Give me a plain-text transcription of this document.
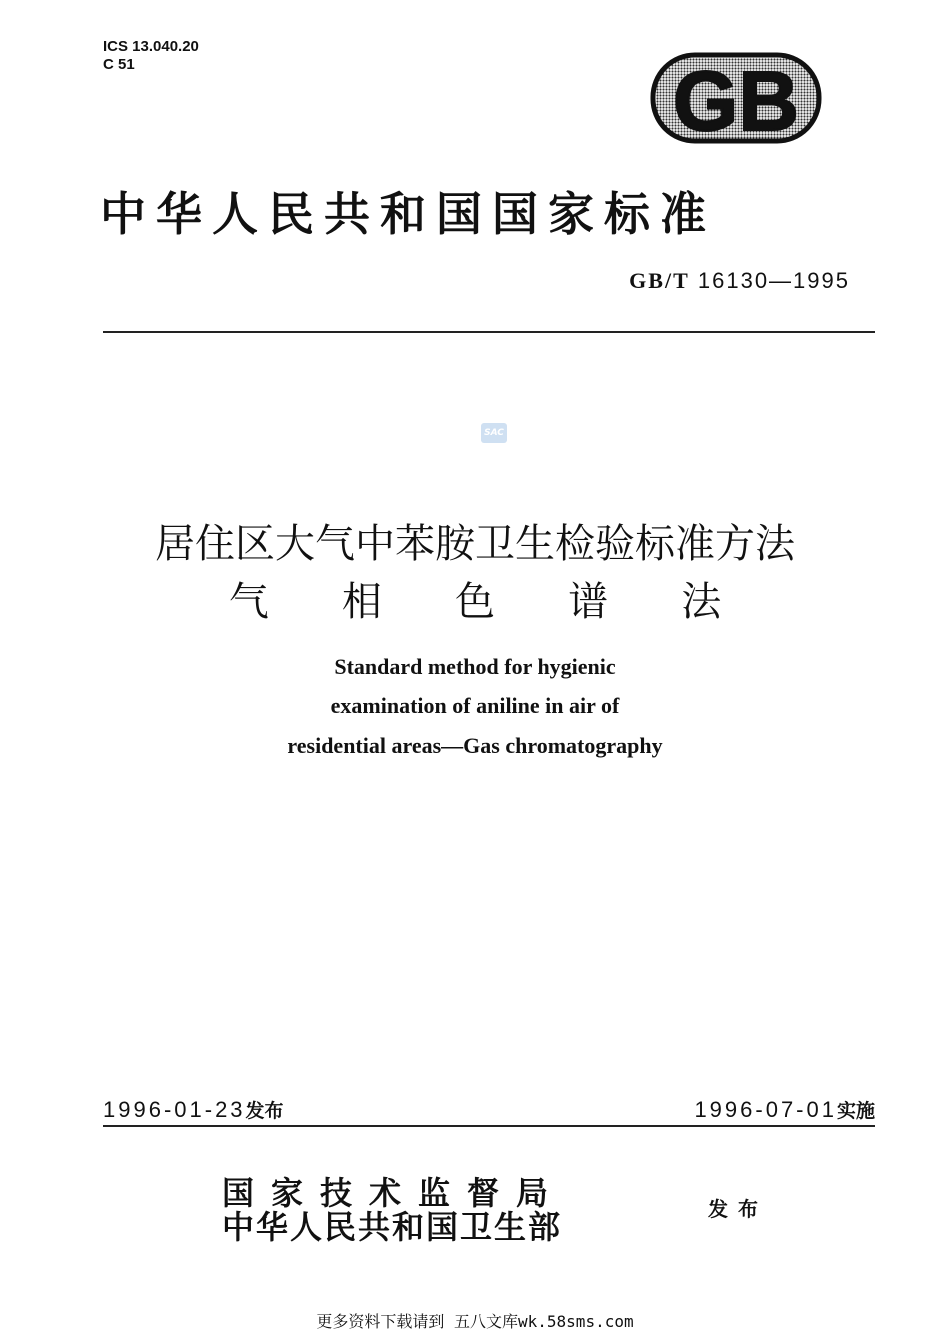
ICS 13.040.20
C 51	GB
中华人民共和国国家标准
GB/T 16130—1995
SAC
居住区大气中苯胺卫生检验标准方法
气 相 色 谱 法
Standard method for hygienic
examination of aniline in air of
residential areas—Gas chromatography
1996-01-23发布	1996-07-01实施
国家技术监督局
中华人民共和国卫生部	发布
更多资料下载请到 五八文库wk.58sms.com
